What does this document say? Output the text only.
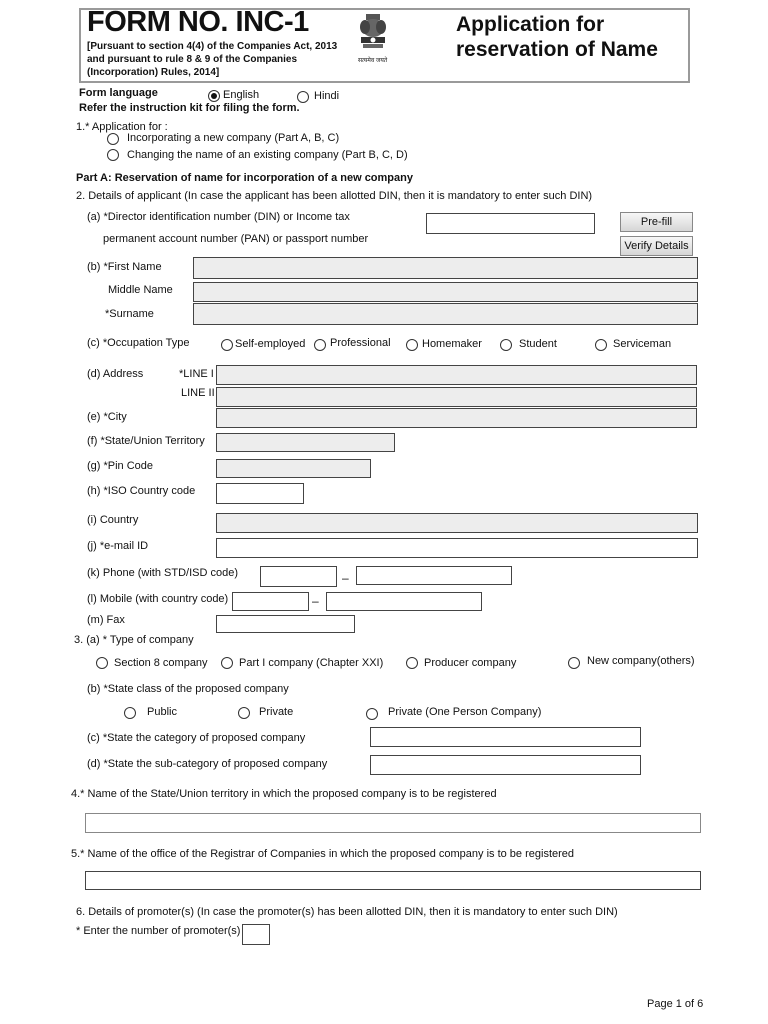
FORM NO. INC-1
[Pursuant to section 4(4) of the Companies Act, 2013 and pursuant to rule 8 & 9 of the Companies (Incorporation) Rules, 2014]
सत्यमेव जयते
Application for
reservation of Name
Form language	English	Hindi
Refer the instruction kit for filing the form.
1.* Application for :
Incorporating a new company (Part A, B, C)
Changing the name of an existing company (Part B, C, D)
Part A: Reservation of name for incorporation of a new company
2. Details of applicant (In case the applicant has been allotted DIN, then it is mandatory to enter such DIN)
(a) *Director identification number (DIN) or Income tax
permanent account number (PAN) or passport number
Pre-fill
Verify Details
(b) *First Name
Middle Name
*Surname
(c) *Occupation Type	Self-employed Professional	Homemaker	Student	Serviceman
(d) Address	*LINE I
LINE II
(e) *City
(f) *State/Union Territory
(g) *Pin Code
(h) *ISO Country code
(i) Country
(j) *e-mail ID
(k) Phone (with STD/ISD code)	–
(l) Mobile (with country code)	–
(m) Fax
3. (a) * Type of company
Section 8 company	Part I company (Chapter XXI)	Producer company	New company(others)
(b) *State class of the proposed company
Public	Private	Private (One Person Company)
(c) *State the category of proposed company
(d) *State the sub-category of proposed company
4.* Name of the State/Union territory in which the proposed company is to be registered
5.* Name of the office of the Registrar of Companies in which the proposed company is to be registered
6. Details of promoter(s) (In case the promoter(s) has been allotted DIN, then it is mandatory to enter such DIN)
* Enter the number of promoter(s)
Page 1 of 6
